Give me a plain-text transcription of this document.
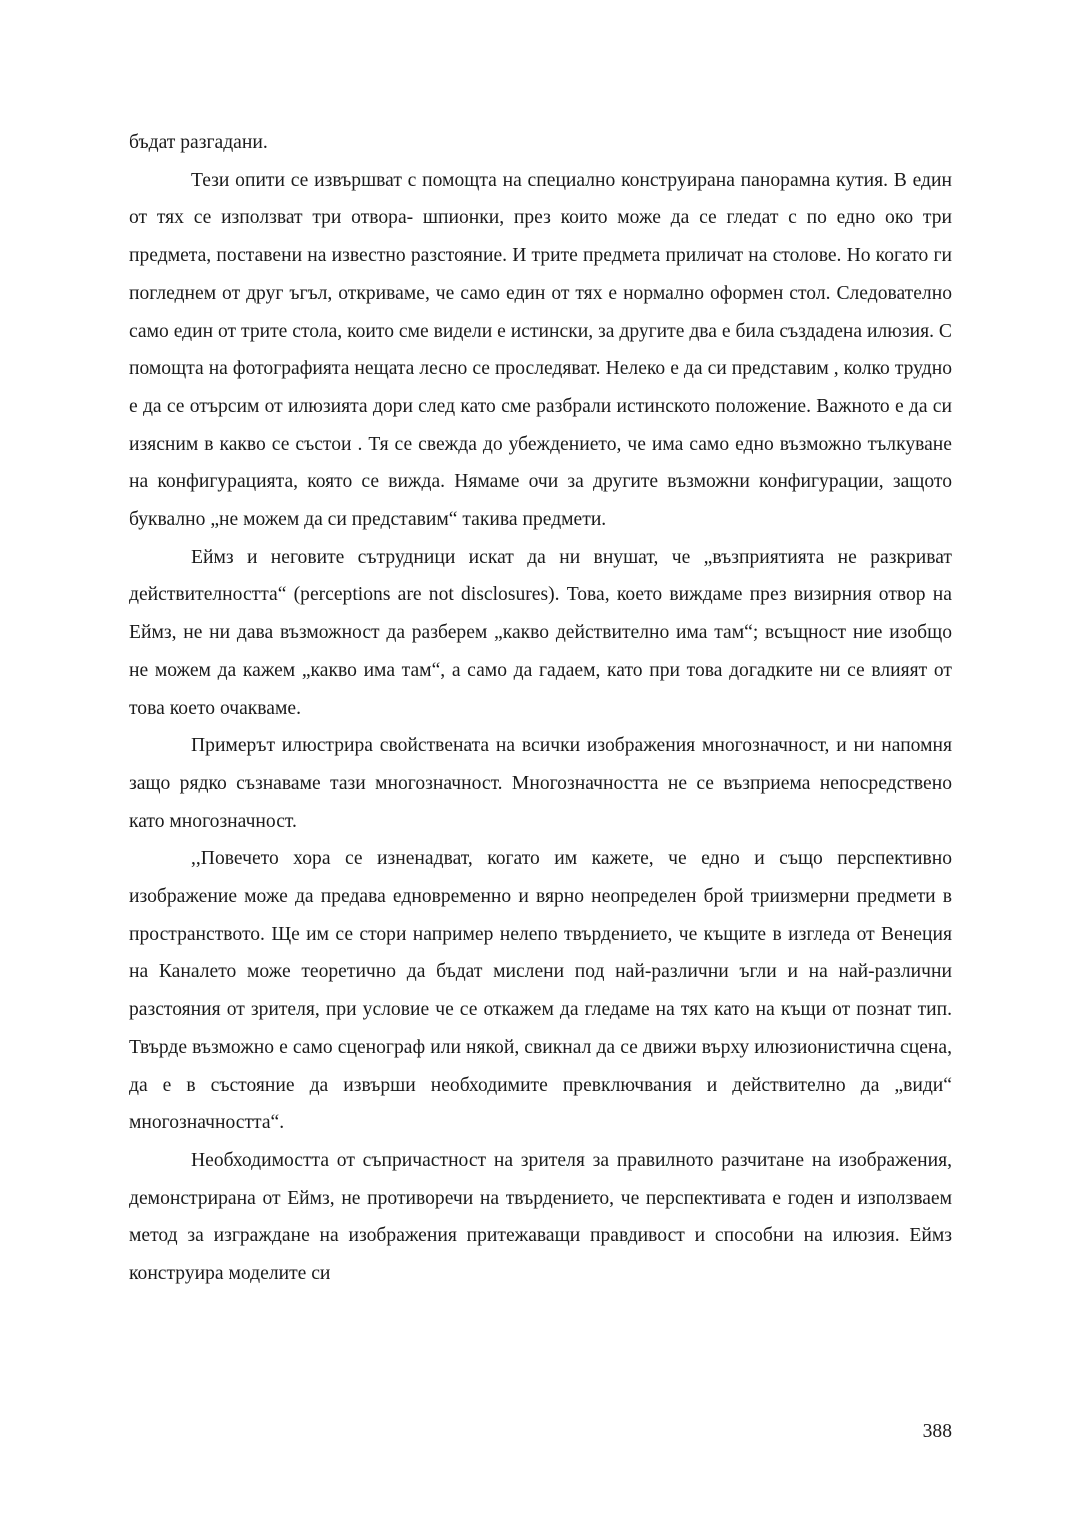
бъдат разгадани.

Тези опити се извършват с помощта на специално конструирана панорамна кутия. В един от тях се използват три отвора- шпионки, през които може да се гледат с по едно око три предмета, поставени на известно разстояние. И трите предмета приличат на столове. Но когато ги погледнем от друг ъгъл, откриваме, че само един от тях е нормално оформен стол. Следователно само един от трите стола, които сме видели е истински, за другите два е била създадена илюзия. С помощта на фотографията нещата лесно се проследяват. Нелеко е да си представим , колко трудно е да се отърсим от илюзията дори след като сме разбрали истинското положение. Важното е да си изясним в какво се състои . Тя се свежда до убеждението, че има само едно възможно тълкуване на конфигурацията, която се вижда. Нямаме очи за другите възможни конфигурации, защото буквално „не можем да си представим“ такива предмети.

Еймз и неговите сътрудници искат да ни внушат, че „възприятията не разкриват действителността“ (perceptions are not disclosures). Това, което виждаме през визирния отвор на Еймз, не ни дава възможност да разберем „какво действително има там“; всъщност ние изобщо не можем да кажем „какво има там“, а само да гадаем, като при това догадките ни се влияят от това което очакваме.

Примерът илюстрира свойствената на всички изображения многозначност, и ни напомня защо рядко съзнаваме тази многозначност. Многозначността не се възприема непосредствено като многозначност.

,,Повечето хора се изненадват, когато им кажете, че едно и също перспективно изображение може да предава едновременно и вярно неопределен брой триизмерни предмети в пространството. Ще им се стори например нелепо твърдението, че къщите в изгледа от Венеция на Каналето може теоретично да бъдат мислени под най-различни ъгли и на най-различни разстояния от зрителя, при условие че се откажем да гледаме на тях като на къщи от познат тип. Твърде възможно е само сценограф или някой, свикнал да се движи върху илюзионистична сцена, да е в състояние да извърши необходимите превключвания и действително да „види“ многозначността“.

Необходимостта от съпричастност на зрителя за правилното разчитане на изображения, демонстрирана от Еймз, не противоречи на твърдението, че перспективата е годен и използваем метод за изграждане на изображения притежаващи правдивост и способни на илюзия. Еймз конструира моделите си

388
